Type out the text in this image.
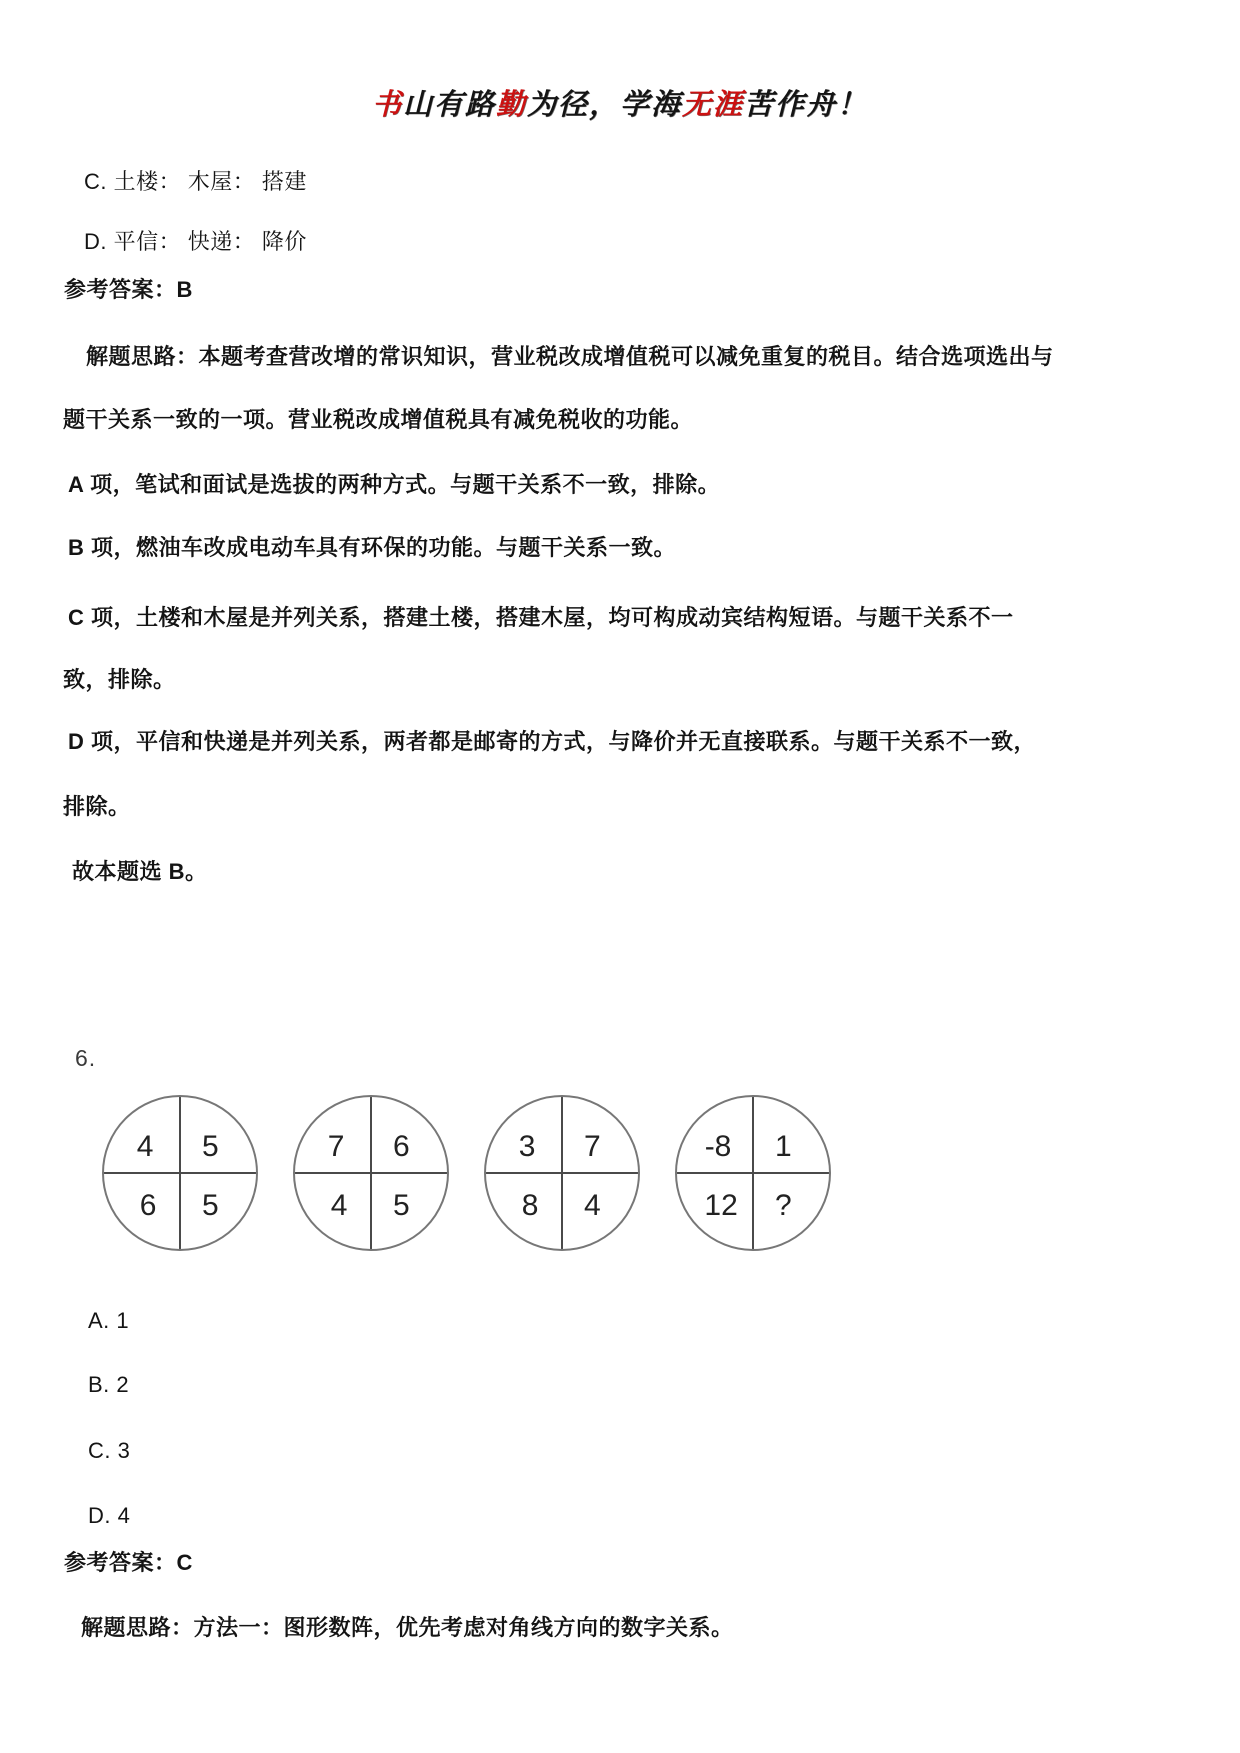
书山有路勤为径，学海无涯苦作舟！
C. 土楼： 木屋： 搭建
D. 平信： 快递： 降价
参考答案：B
解题思路：本题考查营改增的常识知识，营业税改成增值税可以减免重复的税目。结合选项选出与
题干关系一致的一项。营业税改成增值税具有减免税收的功能。
A 项，笔试和面试是选拔的两种方式。与题干关系不一致，排除。
B 项，燃油车改成电动车具有环保的功能。与题干关系一致。
C 项，土楼和木屋是并列关系，搭建土楼，搭建木屋，均可构成动宾结构短语。与题干关系不一
致，排除。
D 项，平信和快递是并列关系，两者都是邮寄的方式，与降价并无直接联系。与题干关系不一致，
排除。
故本题选 B。
6.
4 5
6 5
7 6
4 5
3 7
8 4
-8 1
12 ?
A. 1
B. 2
C. 3
D. 4
参考答案：C
解题思路：方法一：图形数阵，优先考虑对角线方向的数字关系。
